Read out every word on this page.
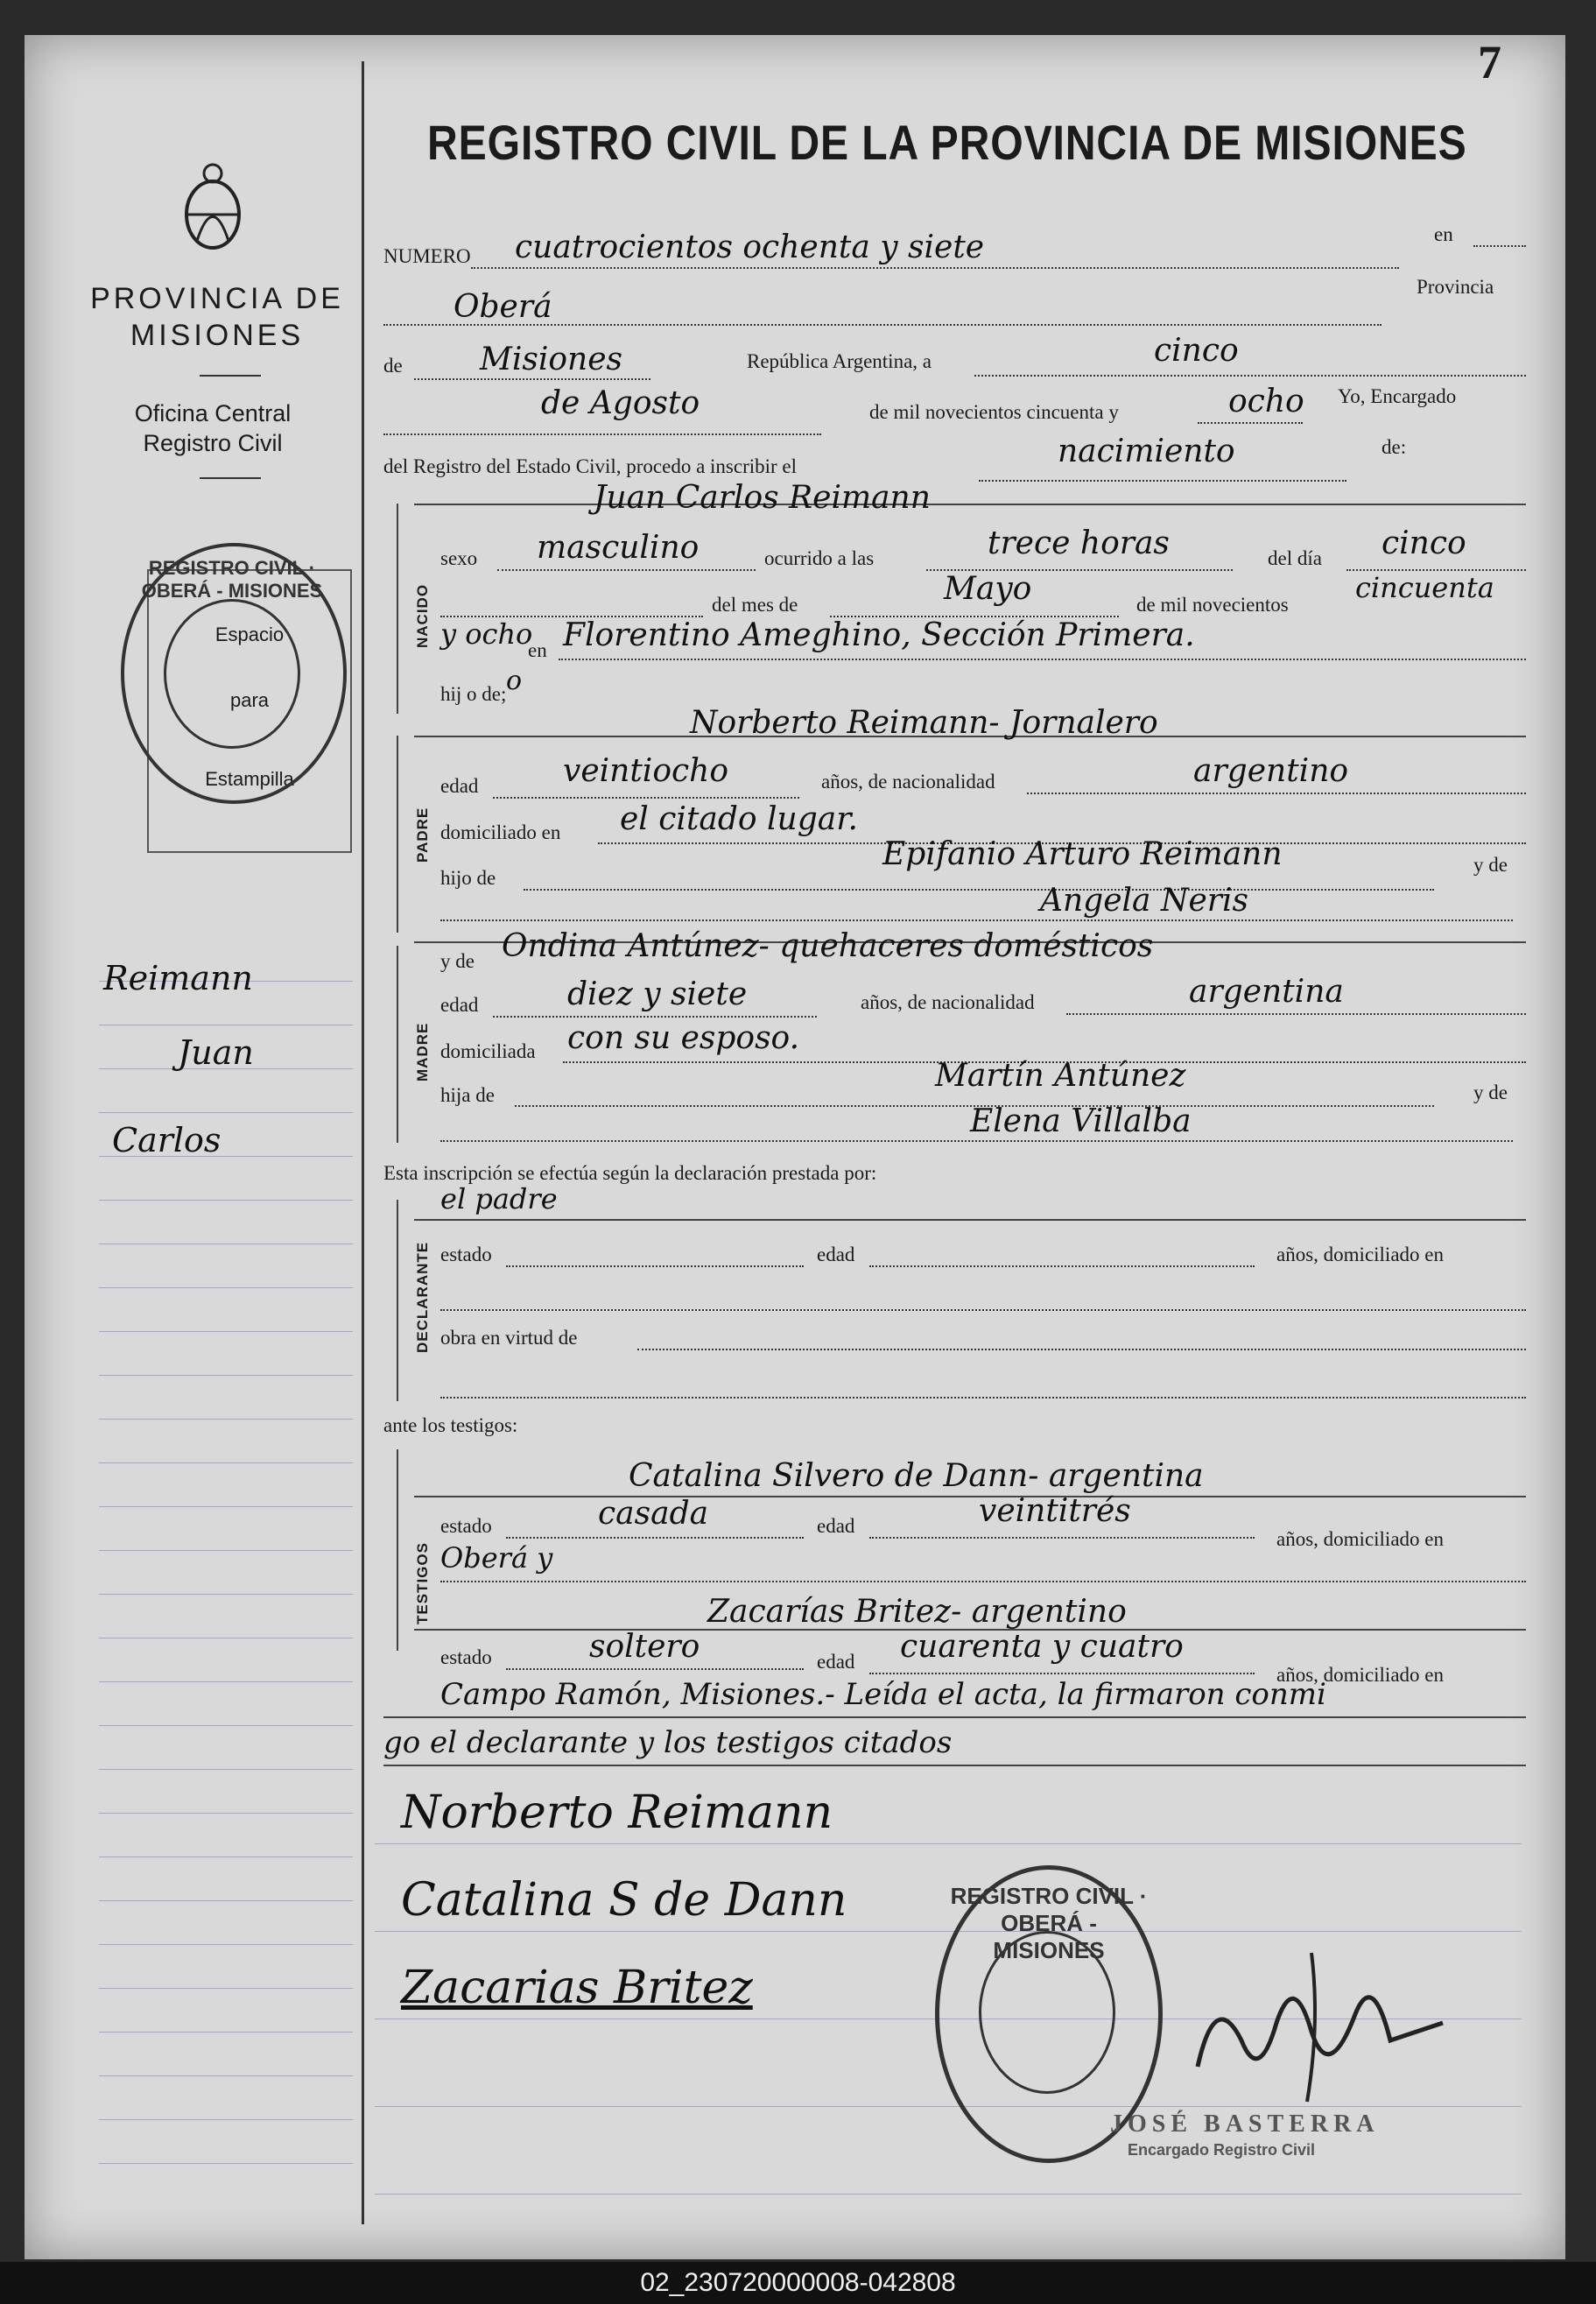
7
PROVINCIA DE MISIONES
Oficina Central
Registro Civil
Espacio
para
Estampilla
REGISTRO CIVIL · OBERÁ - MISIONES
Reimann
Juan
Carlos
REGISTRO CIVIL DE LA PROVINCIA DE MISIONES
NUMERO cuatrocientos ochenta y siete	en
Oberá
Provincia
de Misiones	República Argentina, a	cinco
de Agosto	de mil novecientos cincuenta y	ocho Yo, Encargado
del Registro del Estado Civil, procedo a inscribir el	nacimiento	de:
NACIDO
Juan Carlos Reimann
sexo masculino	ocurrido a las	trece horas	del día cinco
del mes de	Mayo	de mil novecientos
cincuenta
y ocho
en Florentino Ameghino, Sección Primera.
hij o de; o
PADRE
Norberto Reimann- Jornalero
edad	veintiocho	años, de nacionalidad	argentino
domiciliado en el citado lugar.
hijo de
Epifanio Arturo Reimann	y de
Angela Neris
MADRE
y de Ondina Antúnez- quehaceres domésticos
edad	diez y siete	años, de nacionalidad	argentina
domiciliada con su esposo.
hija de
Martín Antúnez	y de
Elena Villalba
Esta inscripción se efectúa según la declaración prestada por:
DECLARANTE
el padre
estado	edad	años, domiciliado en
obra en virtud de
ante los testigos:
TESTIGOS
Catalina Silvero de Dann- argentina
estado	casada	edad	veintitrés
años, domiciliado en
Oberá y
Zacarías Britez- argentino
estado	soltero	edad cuarenta y cuatro
años, domiciliado en
Campo Ramón, Misiones.- Leída el acta, la firmaron conmi
go el declarante y los testigos citados
Norberto Reimann
Catalina S de Dann
Zacarias Britez
REGISTRO CIVIL · OBERÁ - MISIONES
JOSÉ BASTERRA
Encargado Registro Civil
02_230720000008-042808
